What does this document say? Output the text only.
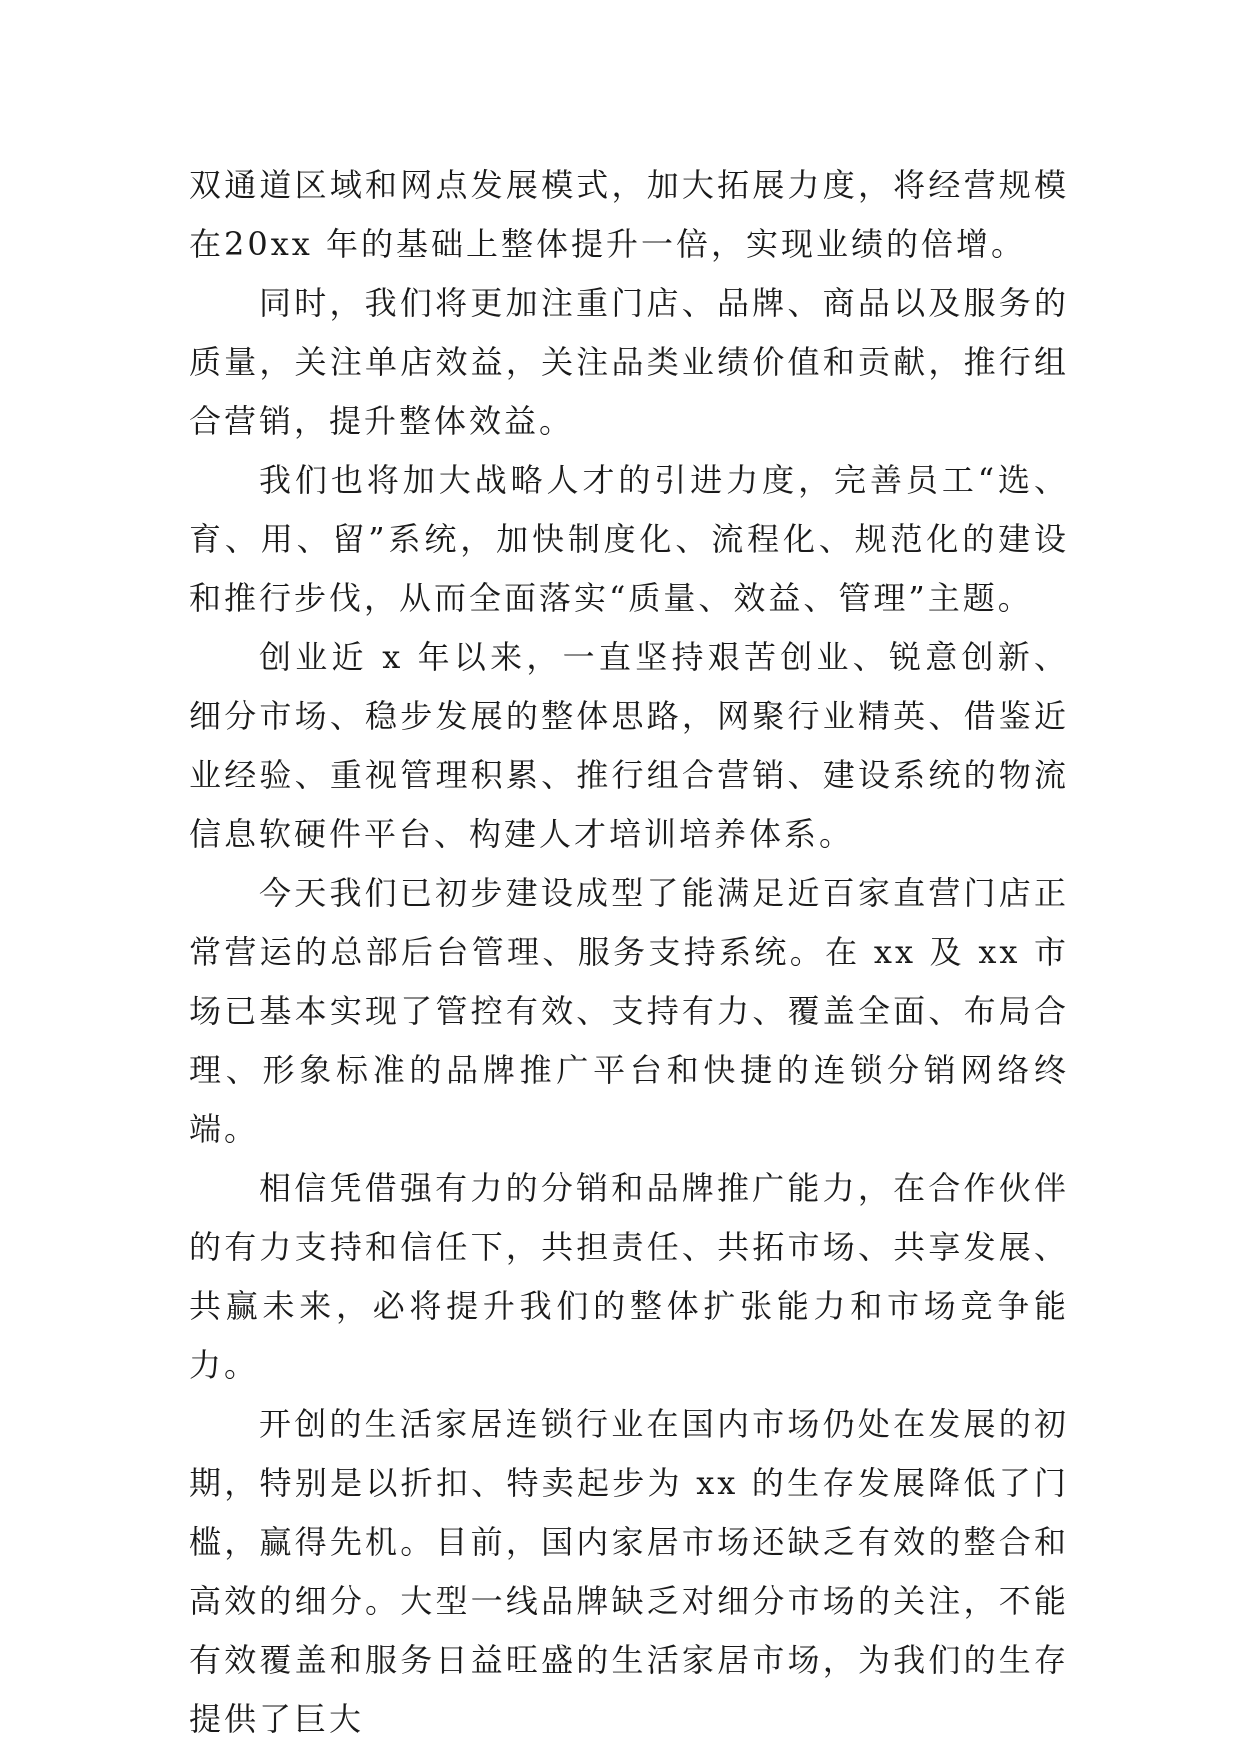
双通道区域和网点发展模式，加大拓展力度，将经营规模在20xx 年的基础上整体提升一倍，实现业绩的倍增。

同时，我们将更加注重门店、品牌、商品以及服务的质量，关注单店效益，关注品类业绩价值和贡献，推行组合营销，提升整体效益。

我们也将加大战略人才的引进力度，完善员工“选、育、用、留”系统，加快制度化、流程化、规范化的建设和推行步伐，从而全面落实“质量、效益、管理”主题。

创业近 x 年以来，一直坚持艰苦创业、锐意创新、细分市场、稳步发展的整体思路，网聚行业精英、借鉴近业经验、重视管理积累、推行组合营销、建设系统的物流信息软硬件平台、构建人才培训培养体系。

今天我们已初步建设成型了能满足近百家直营门店正常营运的总部后台管理、服务支持系统。在 xx 及 xx 市场已基本实现了管控有效、支持有力、覆盖全面、布局合理、形象标准的品牌推广平台和快捷的连锁分销网络终端。

相信凭借强有力的分销和品牌推广能力，在合作伙伴的有力支持和信任下，共担责任、共拓市场、共享发展、共赢未来，必将提升我们的整体扩张能力和市场竞争能力。

开创的生活家居连锁行业在国内市场仍处在发展的初期，特别是以折扣、特卖起步为 xx 的生存发展降低了门槛，赢得先机。目前，国内家居市场还缺乏有效的整合和高效的细分。大型一线品牌缺乏对细分市场的关注，不能有效覆盖和服务日益旺盛的生活家居市场，为我们的生存提供了巨大
